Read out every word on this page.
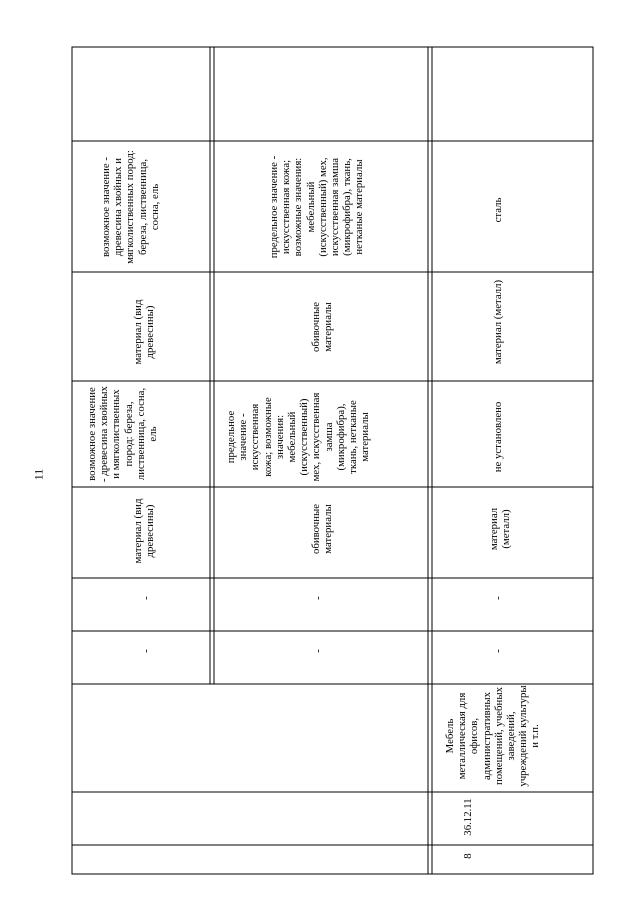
11
-
-
материал (вид древесины)
возможное значение - древесина хвойных и мягколиственных пород: береза, лиственница, сосна, ель
материал (вид древесины)
возможное значение - древесина хвойных и мягколиственных пород: береза, лиственница, сосна, ель
-
-
обивочные материалы
предельное значение - искусственная кожа; возможные значения: мебельный (искусственный) мех, искусственная замша (микрофибра), ткань, нетканые материалы
обивочные материалы
предельное значение - искусственная кожа; возможные значения: мебельный (искусственный) мех, искусственная замша (микрофибра), ткань, нетканые материалы
8
36.12.11
Мебель металлическая для офисов, административных помещений, учебных заведений, учреждений культуры и т.п.
-
-
материал (металл)
не установлено
материал (металл)
сталь
